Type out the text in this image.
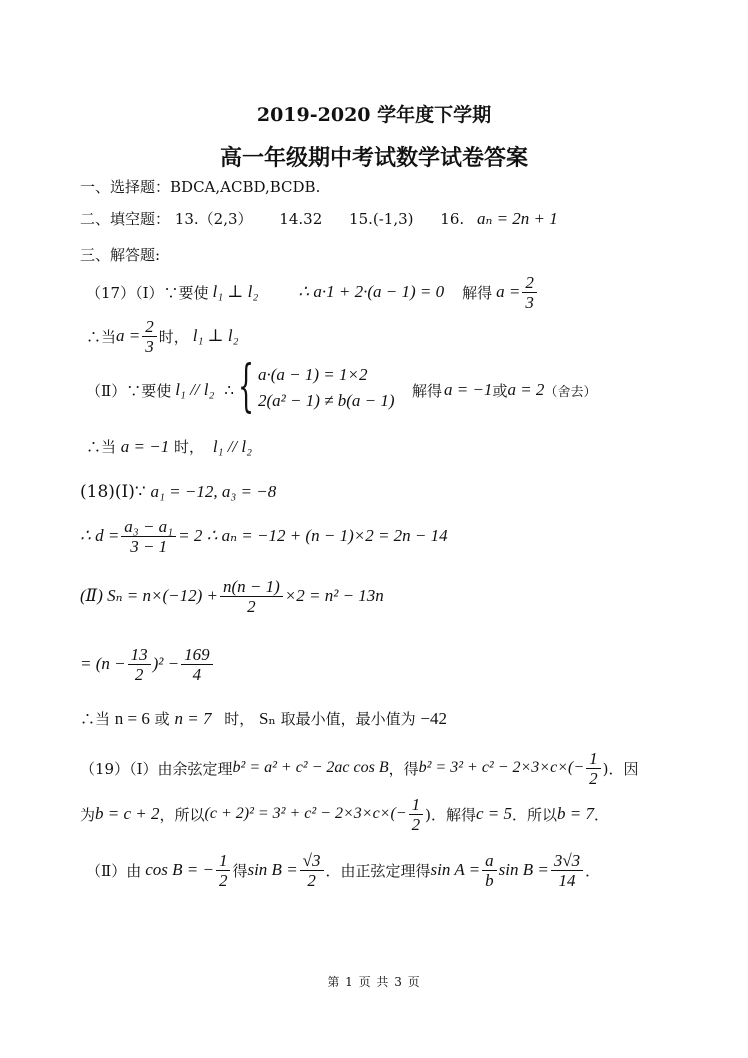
2019-2020 学年度下学期
高一年级期中考试数学试卷答案
一、选择题：BDCA,ACBD,BCDB.
二、填空题： 13.（2,3） 14.32 15.(-1,3) 16. aₙ = 2n + 1
三、解答题:
（17）（Ⅰ）∵要使 l₁ ⊥ l₂ ∴ a·1 + 2·(a − 1) = 0 解得 $a = \frac{2}{3}$
∴当 $a = \frac{2}{3}$ 时， l₁ ⊥ l₂
（Ⅱ）∵要使 l₁ // l₂ ∴ { a·(a − 1) = 1×2
2(a² − 1) ≠ b(a − 1)
解得 a = −1 或 a = 2 （舍去）
∴当 a = −1 时， l₁ // l₂
(18)(Ⅰ)∵ a₁ = −12, a₃ = −8
∴ $d = \frac{\text{a₃ − a₁}}{3 - 1} = 2$ ∴ aₙ = −12 + (n − 1)×2 = 2n − 14
(Ⅱ) $S_n = n\times(-12) + \frac{n(n - 1)}{2} \times 2 = n^2 - 13n$
= $(n - \frac{13}{2} )^2 - \frac{169}{4}$
∴当 n = 6 或 n = 7 时， Sₙ 取最小值，最小值为 −42
（19）（Ⅰ）由余弦定理 b² = a² + c² − 2ac cos B ，得 $b^2 = 3^2 + c^2 - 2\times 3\times c\times(- \frac{1}{2}$ )．因
为 b = c + 2 ，所以 $(c + 2)^2 = 3^2 + c^2 - 2\times 3\times c\times(- \frac{1}{2}$ )．解得 c = 5 ．所以 b = 7 ．
（Ⅱ）由 cos B = − $\frac{1}{2}$ 得 $\sin B = \frac{√3}{2}$ ．由正弦定理得 $\sin A = \frac{a}{b}$ $\sin B = \frac{3√3}{14}$ ．
第 1 页 共 3 页
